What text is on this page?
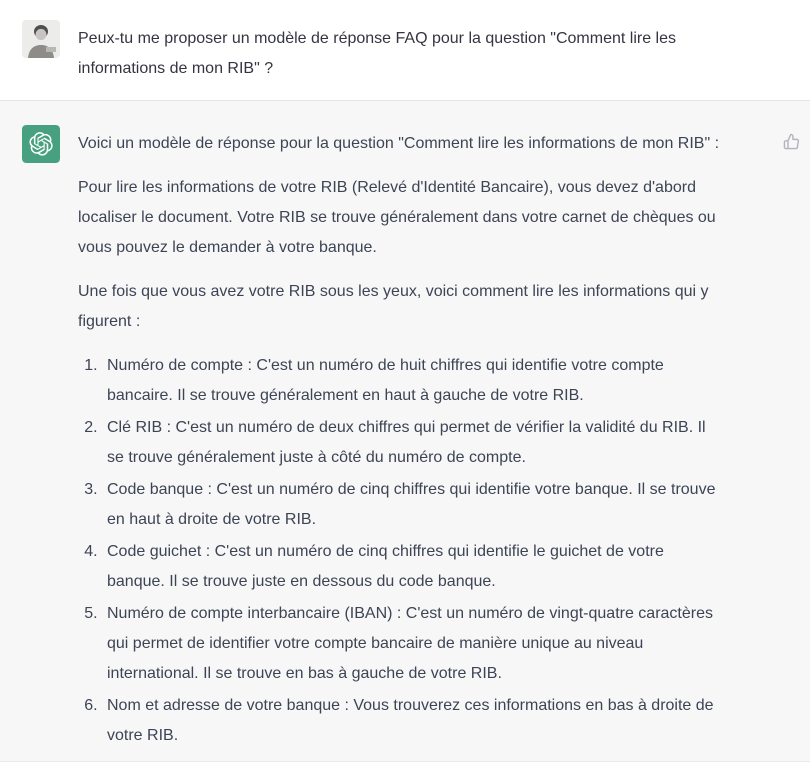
Peux-tu me proposer un modèle de réponse FAQ pour la question "Comment lire les informations de mon RIB" ?

Voici un modèle de réponse pour la question "Comment lire les informations de mon RIB" :

Pour lire les informations de votre RIB (Relevé d'Identité Bancaire), vous devez d'abord localiser le document. Votre RIB se trouve généralement dans votre carnet de chèques ou vous pouvez le demander à votre banque.

Une fois que vous avez votre RIB sous les yeux, voici comment lire les informations qui y figurent :

1. Numéro de compte : C'est un numéro de huit chiffres qui identifie votre compte bancaire. Il se trouve généralement en haut à gauche de votre RIB.
2. Clé RIB : C'est un numéro de deux chiffres qui permet de vérifier la validité du RIB. Il se trouve généralement juste à côté du numéro de compte.
3. Code banque : C'est un numéro de cinq chiffres qui identifie votre banque. Il se trouve en haut à droite de votre RIB.
4. Code guichet : C'est un numéro de cinq chiffres qui identifie le guichet de votre banque. Il se trouve juste en dessous du code banque.
5. Numéro de compte interbancaire (IBAN) : C'est un numéro de vingt-quatre caractères qui permet de identifier votre compte bancaire de manière unique au niveau international. Il se trouve en bas à gauche de votre RIB.
6. Nom et adresse de votre banque : Vous trouverez ces informations en bas à droite de votre RIB.
